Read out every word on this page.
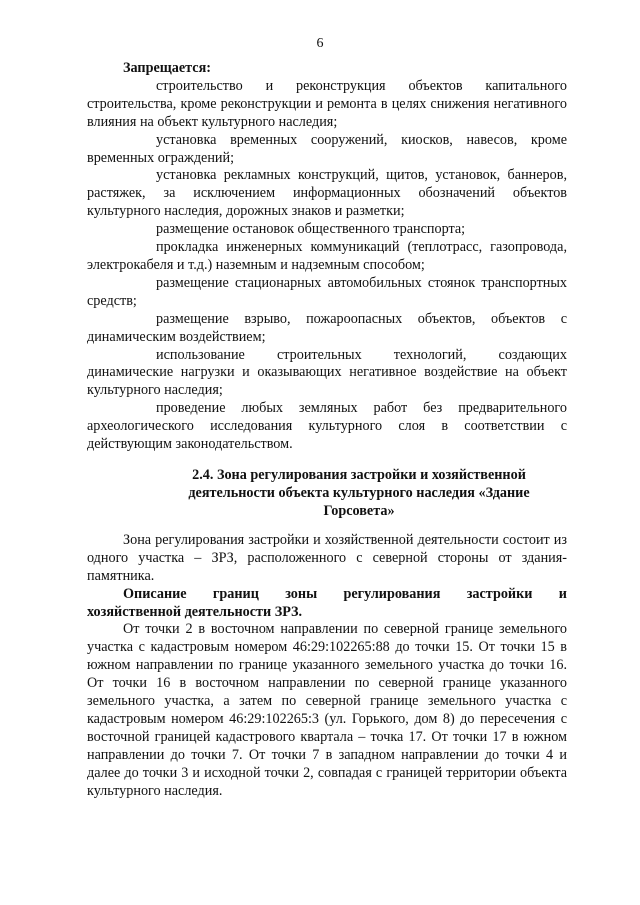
6

Запрещается:

строительство и реконструкция объектов капитального строительства, кроме реконструкции и ремонта в целях снижения негативного влияния на объект культурного наследия;

установка временных сооружений, киосков, навесов, кроме временных ограждений;

установка рекламных конструкций, щитов, установок, баннеров, растяжек, за исключением информационных обозначений объектов культурного наследия, дорожных знаков и разметки;

размещение остановок общественного транспорта;

прокладка инженерных коммуникаций (теплотрасс, газопровода, электрокабеля и т.д.) наземным и надземным способом;

размещение стационарных автомобильных стоянок транспортных средств;

размещение взрыво, пожароопасных объектов, объектов с динамическим воздействием;

использование строительных технологий, создающих динамические нагрузки и оказывающих негативное воздействие на объект культурного наследия;

проведение любых земляных работ без предварительного археологического исследования культурного слоя в соответствии с действующим законодательством.

2.4. Зона регулирования застройки и хозяйственной деятельности объекта культурного наследия «Здание Горсовета»

Зона регулирования застройки и хозяйственной деятельности состоит из одного участка – ЗРЗ, расположенного с северной стороны от здания-памятника.

Описание границ зоны регулирования застройки и

хозяйственной деятельности ЗРЗ.

От точки 2 в восточном направлении по северной границе земельного участка с кадастровым номером 46:29:102265:88 до точки 15. От точки 15 в южном направлении по границе указанного земельного участка до точки 16. От точки 16 в восточном направлении по северной границе указанного земельного участка, а затем по северной границе земельного участка с кадастровым номером 46:29:102265:3 (ул. Горького, дом 8) до пересечения с восточной границей кадастрового квартала – точка 17. От точки 17 в южном направлении до точки 7. От точки 7 в западном направлении до точки 4 и далее до точки 3 и исходной точки 2, совпадая с границей территории объекта культурного наследия.
